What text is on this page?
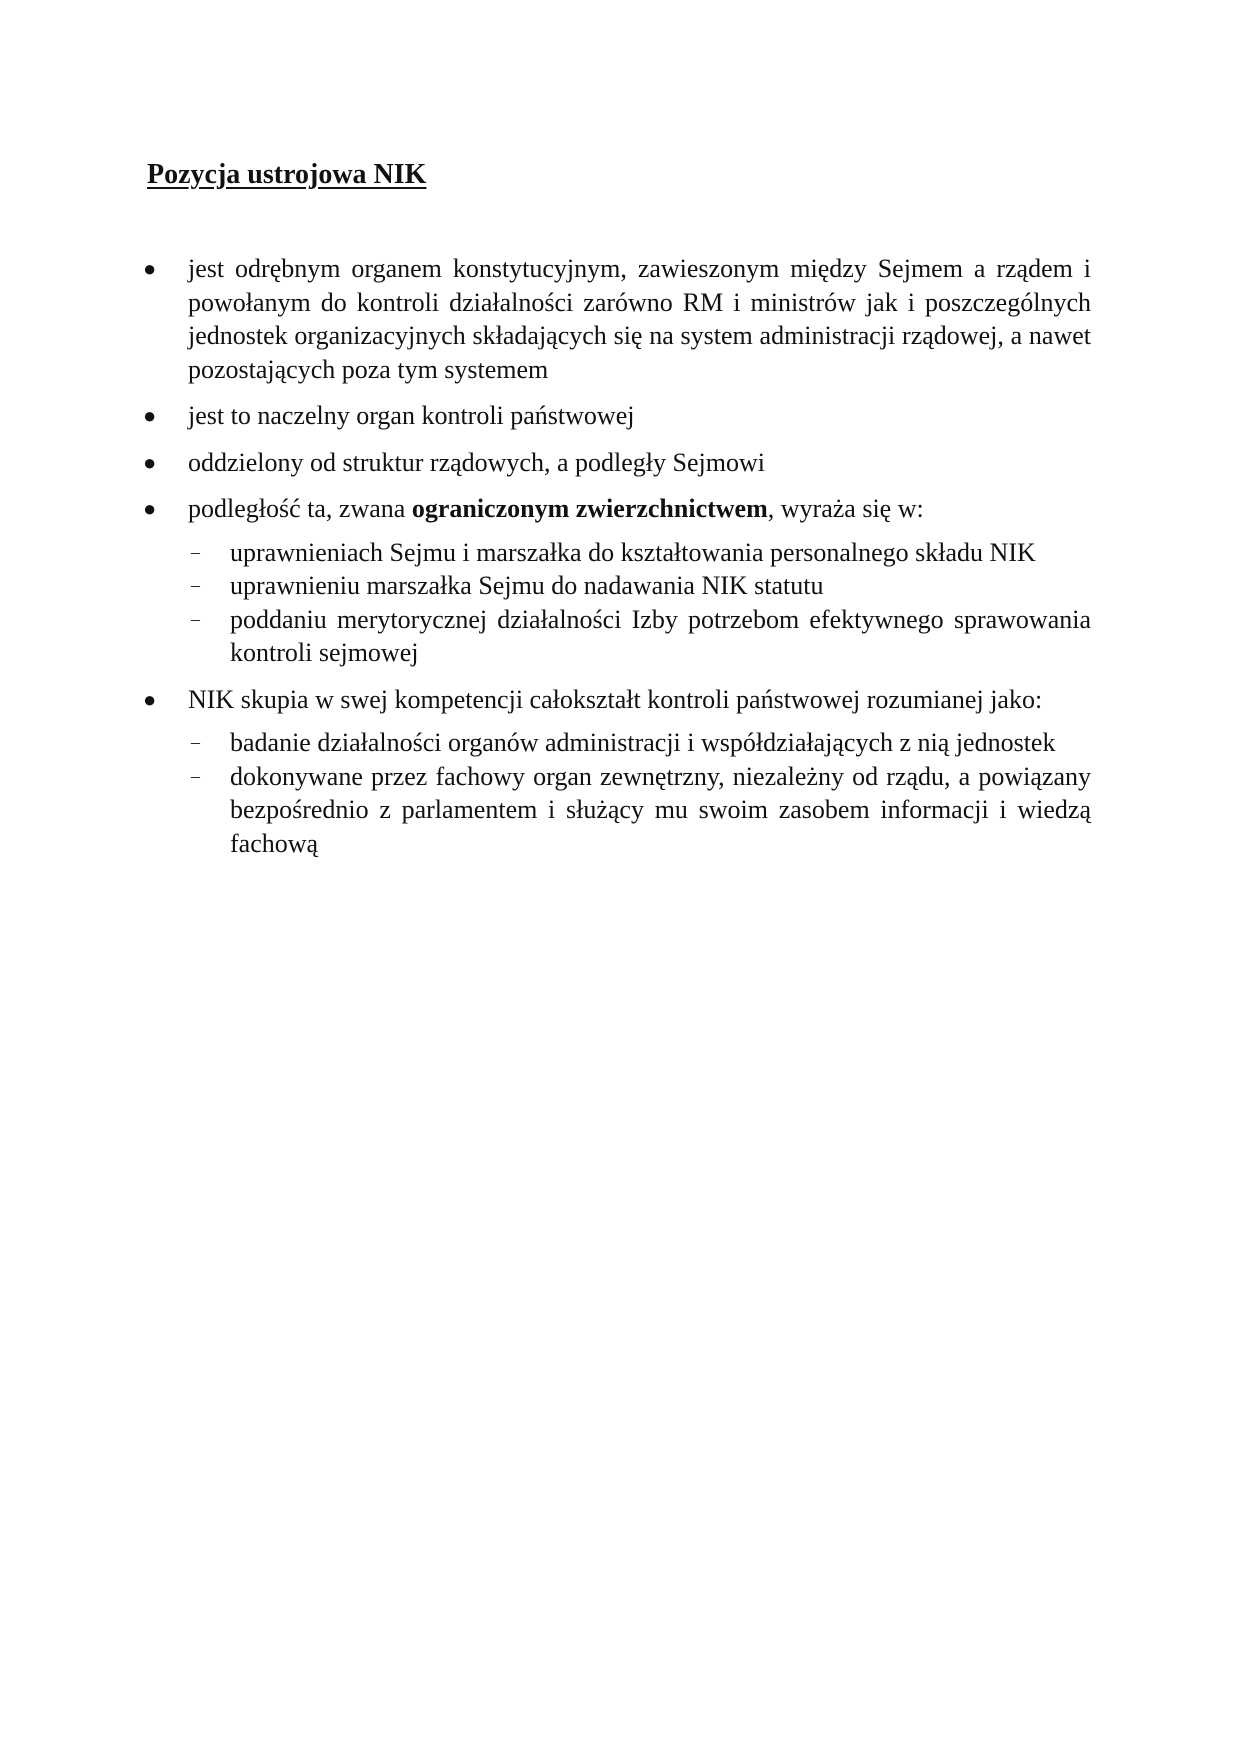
Pozycja ustrojowa NIK
● jest odrębnym organem konstytucyjnym, zawieszonym między Sejmem a rządem i powołanym do kontroli działalności zarówno RM i ministrów jak i poszczególnych jednostek organizacyjnych składających się na system administracji rządowej, a nawet pozostających poza tym systemem
● jest to naczelny organ kontroli państwowej
● oddzielony od struktur rządowych, a podległy Sejmowi
● podległość ta, zwana ograniczonym zwierzchnictwem, wyraża się w:
– uprawnieniach Sejmu i marszałka do kształtowania personalnego składu NIK
– uprawnieniu marszałka Sejmu do nadawania NIK statutu
– poddaniu merytorycznej działalności Izby potrzebom efektywnego sprawowania kontroli sejmowej
● NIK skupia w swej kompetencji całokształt kontroli państwowej rozumianej jako:
– badanie działalności organów administracji i współdziałających z nią jednostek
– dokonywane przez fachowy organ zewnętrzny, niezależny od rządu, a powiązany bezpośrednio z parlamentem i służący mu swoim zasobem informacji i wiedzą fachową
